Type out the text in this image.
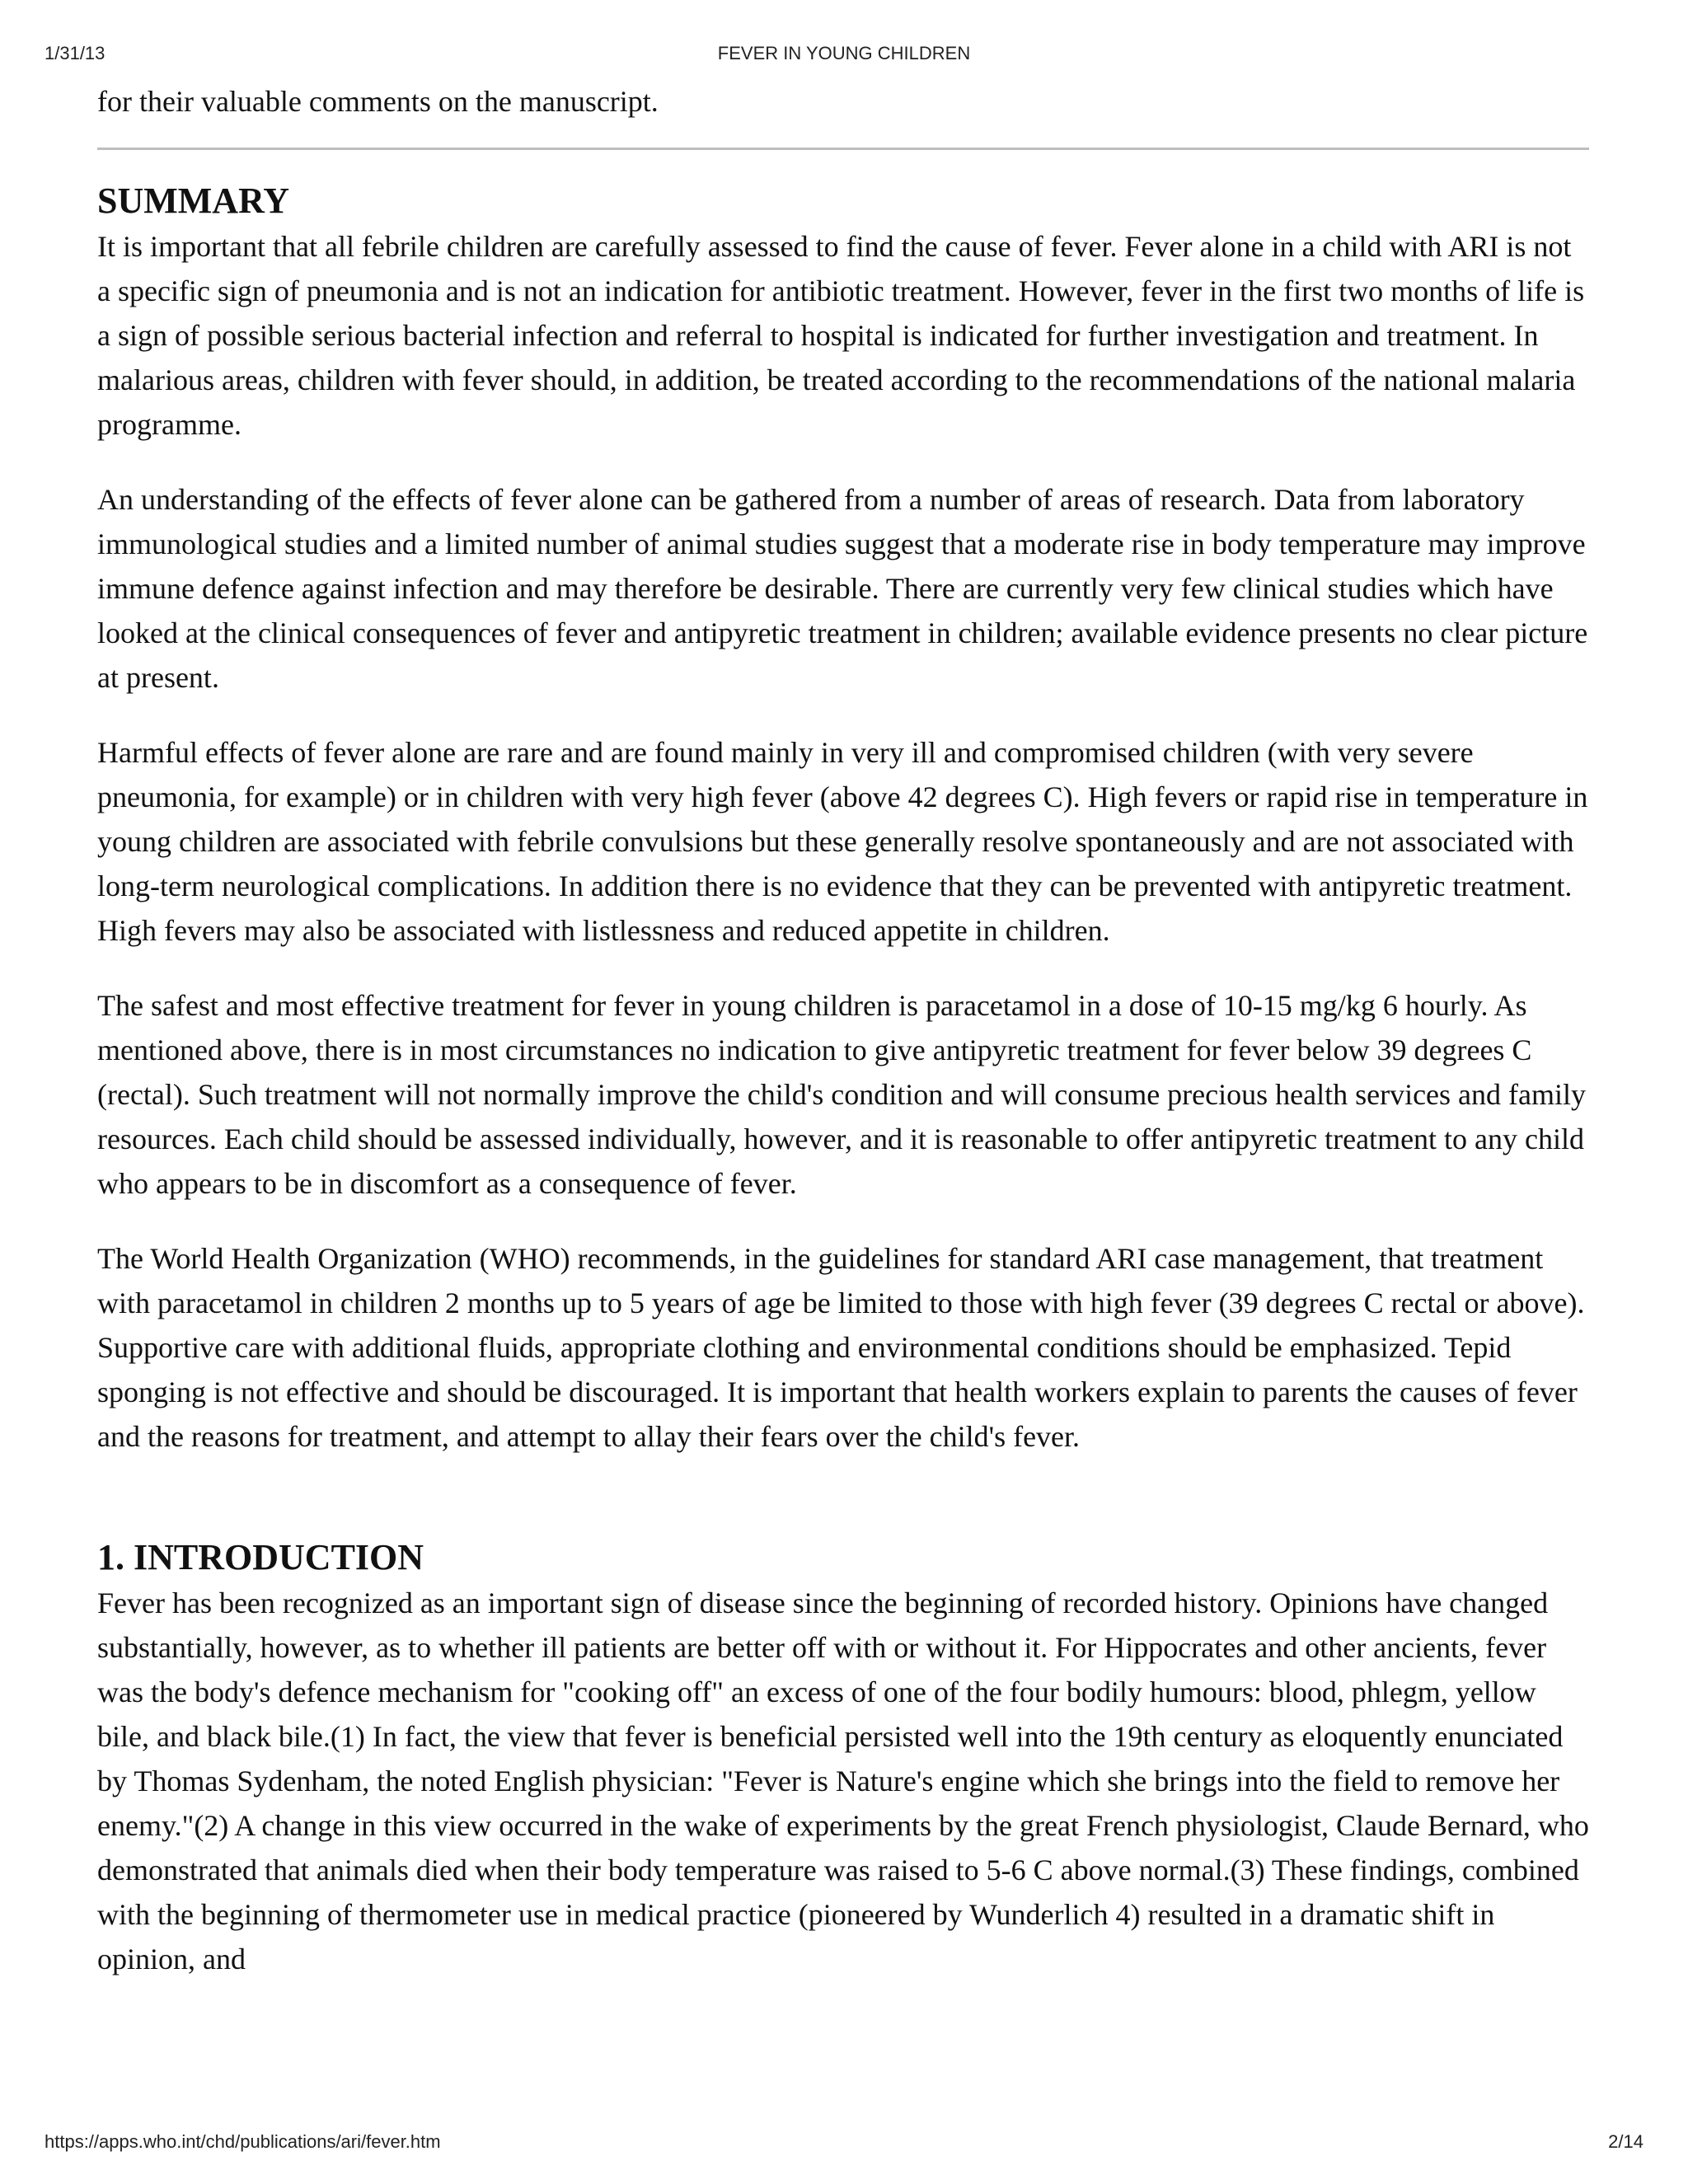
1/31/13	FEVER IN YOUNG CHILDREN

for their valuable comments on the manuscript.

SUMMARY

It is important that all febrile children are carefully assessed to find the cause of fever. Fever alone in a child with ARI is not a specific sign of pneumonia and is not an indication for antibiotic treatment. However, fever in the first two months of life is a sign of possible serious bacterial infection and referral to hospital is indicated for further investigation and treatment. In malarious areas, children with fever should, in addition, be treated according to the recommendations of the national malaria programme.

An understanding of the effects of fever alone can be gathered from a number of areas of research. Data from laboratory immunological studies and a limited number of animal studies suggest that a moderate rise in body temperature may improve immune defence against infection and may therefore be desirable. There are currently very few clinical studies which have looked at the clinical consequences of fever and antipyretic treatment in children; available evidence presents no clear picture at present.

Harmful effects of fever alone are rare and are found mainly in very ill and compromised children (with very severe pneumonia, for example) or in children with very high fever (above 42 degrees C). High fevers or rapid rise in temperature in young children are associated with febrile convulsions but these generally resolve spontaneously and are not associated with long-term neurological complications. In addition there is no evidence that they can be prevented with antipyretic treatment. High fevers may also be associated with listlessness and reduced appetite in children.

The safest and most effective treatment for fever in young children is paracetamol in a dose of 10-15 mg/kg 6 hourly. As mentioned above, there is in most circumstances no indication to give antipyretic treatment for fever below 39 degrees C (rectal). Such treatment will not normally improve the child's condition and will consume precious health services and family resources. Each child should be assessed individually, however, and it is reasonable to offer antipyretic treatment to any child who appears to be in discomfort as a consequence of fever.

The World Health Organization (WHO) recommends, in the guidelines for standard ARI case management, that treatment with paracetamol in children 2 months up to 5 years of age be limited to those with high fever (39 degrees C rectal or above). Supportive care with additional fluids, appropriate clothing and environmental conditions should be emphasized. Tepid sponging is not effective and should be discouraged. It is important that health workers explain to parents the causes of fever and the reasons for treatment, and attempt to allay their fears over the child's fever.

1. INTRODUCTION

Fever has been recognized as an important sign of disease since the beginning of recorded history. Opinions have changed substantially, however, as to whether ill patients are better off with or without it. For Hippocrates and other ancients, fever was the body's defence mechanism for "cooking off" an excess of one of the four bodily humours: blood, phlegm, yellow bile, and black bile.(1) In fact, the view that fever is beneficial persisted well into the 19th century as eloquently enunciated by Thomas Sydenham, the noted English physician: "Fever is Nature's engine which she brings into the field to remove her enemy."(2) A change in this view occurred in the wake of experiments by the great French physiologist, Claude Bernard, who demonstrated that animals died when their body temperature was raised to 5-6 C above normal.(3) These findings, combined with the beginning of thermometer use in medical practice (pioneered by Wunderlich 4) resulted in a dramatic shift in opinion, and

https://apps.who.int/chd/publications/ari/fever.htm	2/14
